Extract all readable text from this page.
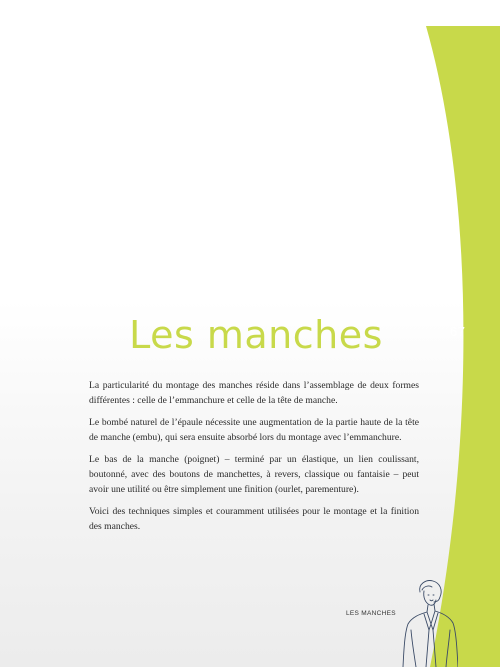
67
Les manches

La particularité du montage des manches réside dans l’assemblage de deux formes différentes : celle de l’emmanchure et celle de la tête de manche.

Le bombé naturel de l’épaule nécessite une augmentation de la partie haute de la tête de manche (embu), qui sera ensuite absorbé lors du montage avec l’emmanchure.

Le bas de la manche (poignet) – terminé par un élastique, un lien coulissant, boutonné, avec des boutons de manchettes, à revers, classique ou fantaisie – peut avoir une utilité ou être simplement une finition (ourlet, parementure).

Voici des techniques simples et couramment utilisées pour le montage et la finition des manches.

LES MANCHES
